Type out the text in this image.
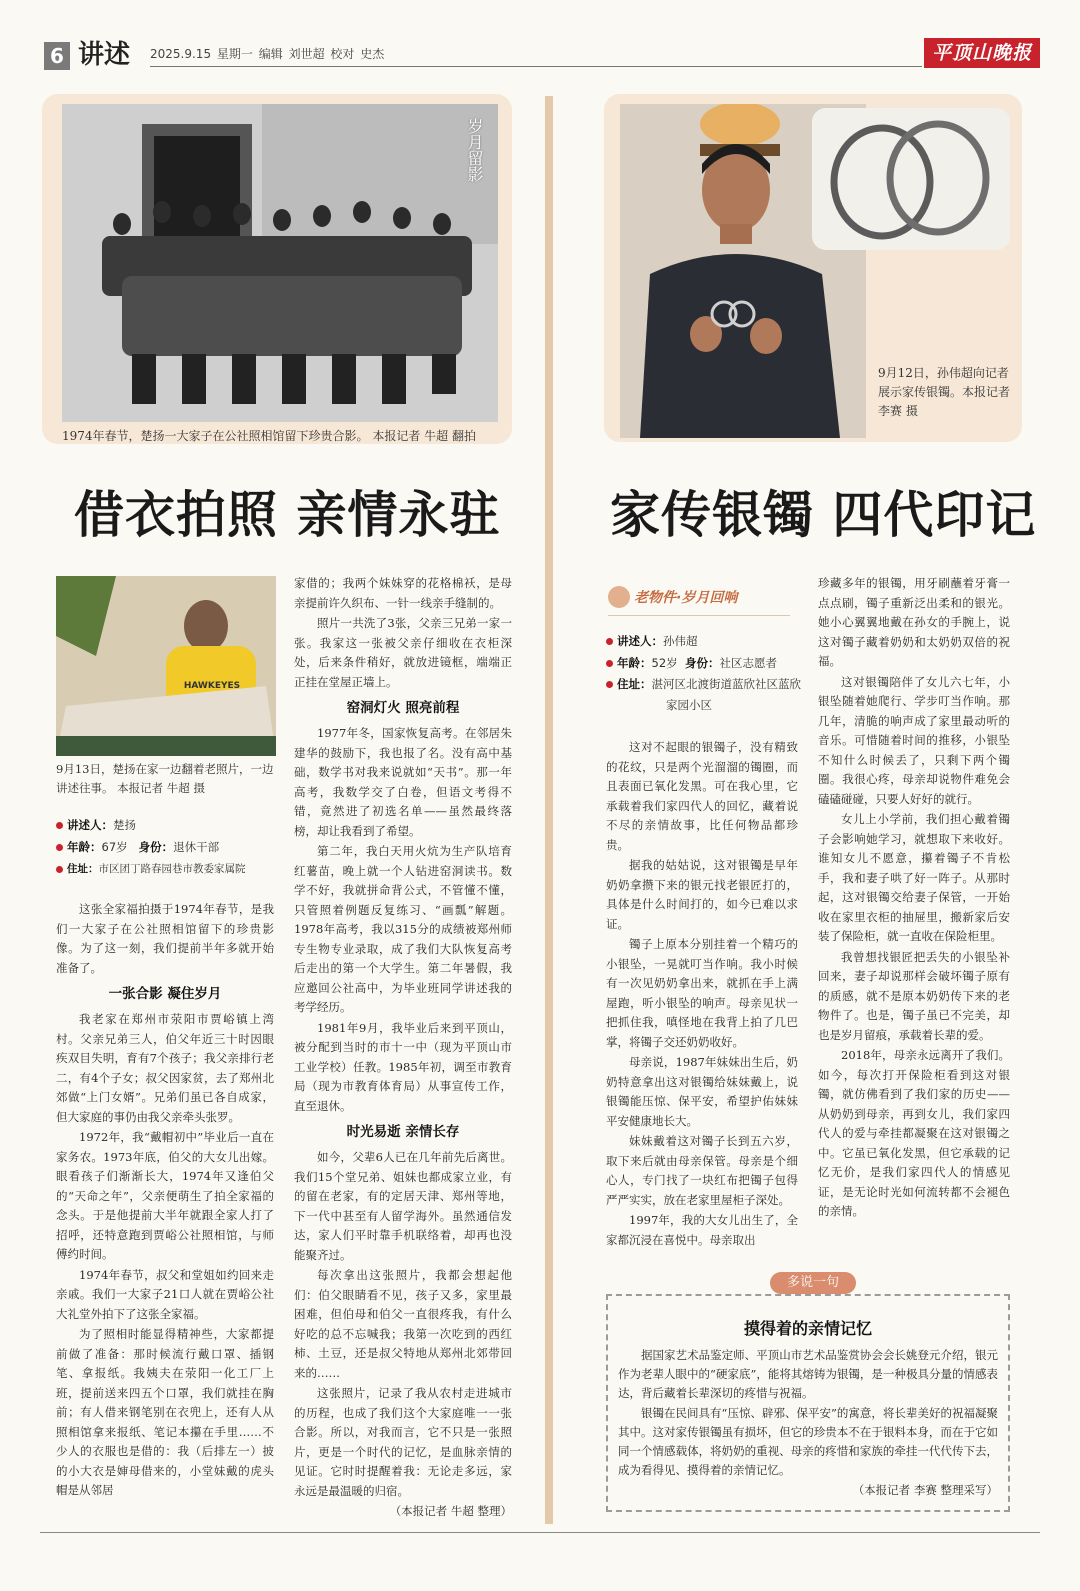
6 讲述 2025.9.15 星期一 编辑 刘世超 校对 史杰	平顶山晚报
岁月留影
1974年春节，楚扬一大家子在公社照相馆留下珍贵合影。 本报记者 牛超 翻拍
借衣拍照 亲情永驻
HAWKEYES
9月13日，楚扬在家一边翻着老照片，一边讲述往事。 本报记者 牛超 摄
讲述人：楚扬
年龄：67岁 身份：退休干部
住址：市区团丁路春园巷市教委家属院

这张全家福拍摄于1974年春节，是我们一大家子在公社照相馆留下的珍贵影像。为了这一刻，我们提前半年多就开始准备了。

一张合影 凝住岁月

我老家在郑州市荥阳市贾峪镇上湾村。父亲兄弟三人，伯父年近三十时因眼疾双目失明，育有7个孩子；我父亲排行老二，有4个子女；叔父因家贫，去了郑州北郊做“上门女婿”。兄弟们虽已各自成家，但大家庭的事仍由我父亲牵头张罗。

1972年，我“戴帽初中”毕业后一直在家务农。1973年底，伯父的大女儿出嫁。眼看孩子们渐渐长大，1974年又逢伯父的“天命之年”，父亲便萌生了拍全家福的念头。于是他提前大半年就跟全家人打了招呼，还特意跑到贾峪公社照相馆，与师傅约时间。

1974年春节，叔父和堂姐如约回来走亲戚。我们一大家子21口人就在贾峪公社大礼堂外拍下了这张全家福。

为了照相时能显得精神些，大家都提前做了准备：那时候流行戴口罩、插钢笔、拿报纸。我姨夫在荥阳一化工厂上班，提前送来四五个口罩，我们就挂在胸前；有人借来钢笔别在衣兜上，还有人从照相馆拿来报纸、笔记本攥在手里……不少人的衣服也是借的：我（后排左一）披的小大衣是婶母借来的，小堂妹戴的虎头帽是从邻居

家借的；我两个妹妹穿的花格棉袄，是母亲提前许久织布、一针一线亲手缝制的。

照片一共洗了3张，父亲三兄弟一家一张。我家这一张被父亲仔细收在衣柜深处，后来条件稍好，就放进镜框，端端正正挂在堂屋正墙上。

窑洞灯火 照亮前程

1977年冬，国家恢复高考。在邻居朱建华的鼓励下，我也报了名。没有高中基础，数学书对我来说就如“天书”。那一年高考，我数学交了白卷，但语文考得不错，竟然进了初选名单——虽然最终落榜，却让我看到了希望。

第二年，我白天用火炕为生产队培育红薯苗，晚上就一个人钻进窑洞读书。数学不好，我就拼命背公式，不管懂不懂，只管照着例题反复练习、“画瓢”解题。1978年高考，我以315分的成绩被郑州师专生物专业录取，成了我们大队恢复高考后走出的第一个大学生。第二年暑假，我应邀回公社高中，为毕业班同学讲述我的考学经历。

1981年9月，我毕业后来到平顶山，被分配到当时的市十一中（现为平顶山市工业学校）任教。1985年初，调至市教育局（现为市教育体育局）从事宣传工作，直至退休。

时光易逝 亲情长存

如今，父辈6人已在几年前先后离世。我们15个堂兄弟、姐妹也都成家立业，有的留在老家，有的定居天津、郑州等地，下一代中甚至有人留学海外。虽然通信发达，家人们平时靠手机联络着，却再也没能聚齐过。

每次拿出这张照片，我都会想起他们：伯父眼睛看不见，孩子又多，家里最困难，但伯母和伯父一直很疼我，有什么好吃的总不忘喊我；我第一次吃到的西红柿、土豆，还是叔父特地从郑州北郊带回来的……

这张照片，记录了我从农村走进城市的历程，也成了我们这个大家庭唯一一张合影。所以，对我而言，它不只是一张照片，更是一个时代的记忆，是血脉亲情的见证。它时时提醒着我：无论走多远，家永远是最温暖的归宿。

（本报记者 牛超 整理）

9月12日，孙伟超向记者展示家传银镯。本报记者 李赛 摄
家传银镯 四代印记
老物件·岁月回响
讲述人：孙伟超
年龄：52岁 身份：社区志愿者
住址：湛河区北渡街道蓝欣社区蓝欣家园小区

这对不起眼的银镯子，没有精致的花纹，只是两个光溜溜的镯圈，而且表面已氧化发黑。可在我心里，它承载着我们家四代人的回忆，藏着说不尽的亲情故事，比任何物品都珍贵。

据我的姑姑说，这对银镯是早年奶奶拿攒下来的银元找老银匠打的，具体是什么时间打的，如今已难以求证。

镯子上原本分别挂着一个精巧的小银坠，一晃就叮当作响。我小时候有一次见奶奶拿出来，就抓在手上满屋跑，听小银坠的响声。母亲见状一把抓住我，嗔怪地在我背上拍了几巴掌，将镯子交还奶奶收好。

母亲说，1987年妹妹出生后，奶奶特意拿出这对银镯给妹妹戴上，说银镯能压惊、保平安，希望护佑妹妹平安健康地长大。

妹妹戴着这对镯子长到五六岁，取下来后就由母亲保管。母亲是个细心人，专门找了一块红布把镯子包得严严实实，放在老家里屋柜子深处。

1997年，我的大女儿出生了，全家都沉浸在喜悦中。母亲取出

珍藏多年的银镯，用牙刷蘸着牙膏一点点刷，镯子重新泛出柔和的银光。她小心翼翼地戴在孙女的手腕上，说这对镯子藏着奶奶和太奶奶双倍的祝福。

这对银镯陪伴了女儿六七年，小银坠随着她爬行、学步叮当作响。那几年，清脆的响声成了家里最动听的音乐。可惜随着时间的推移，小银坠不知什么时候丢了，只剩下两个镯圈。我很心疼，母亲却说物件难免会磕磕碰碰，只要人好好的就行。

女儿上小学前，我们担心戴着镯子会影响她学习，就想取下来收好。谁知女儿不愿意，攥着镯子不肯松手，我和妻子哄了好一阵子。从那时起，这对银镯交给妻子保管，一开始收在家里衣柜的抽屉里，搬新家后安装了保险柜，就一直收在保险柜里。

我曾想找银匠把丢失的小银坠补回来，妻子却说那样会破坏镯子原有的质感，就不是原本奶奶传下来的老物件了。也是，镯子虽已不完美，却也是岁月留痕，承载着长辈的爱。

2018年，母亲永远离开了我们。如今，每次打开保险柜看到这对银镯，就仿佛看到了我们家的历史——从奶奶到母亲，再到女儿，我们家四代人的爱与牵挂都凝聚在这对银镯之中。它虽已氧化发黑，但它承载的记忆无价，是我们家四代人的情感见证，是无论时光如何流转都不会褪色的亲情。

多说一句
摸得着的亲情记忆

据国家艺术品鉴定师、平顶山市艺术品鉴赏协会会长姚登元介绍，银元作为老辈人眼中的“硬家底”，能将其熔铸为银镯，是一种极具分量的情感表达，背后藏着长辈深切的疼惜与祝福。

银镯在民间具有“压惊、辟邪、保平安”的寓意，将长辈美好的祝福凝聚其中。这对家传银镯虽有损坏，但它的珍贵本不在于银料本身，而在于它如同一个情感载体，将奶奶的重视、母亲的疼惜和家族的牵挂一代代传下去，成为看得见、摸得着的亲情记忆。

（本报记者 李赛 整理采写）
